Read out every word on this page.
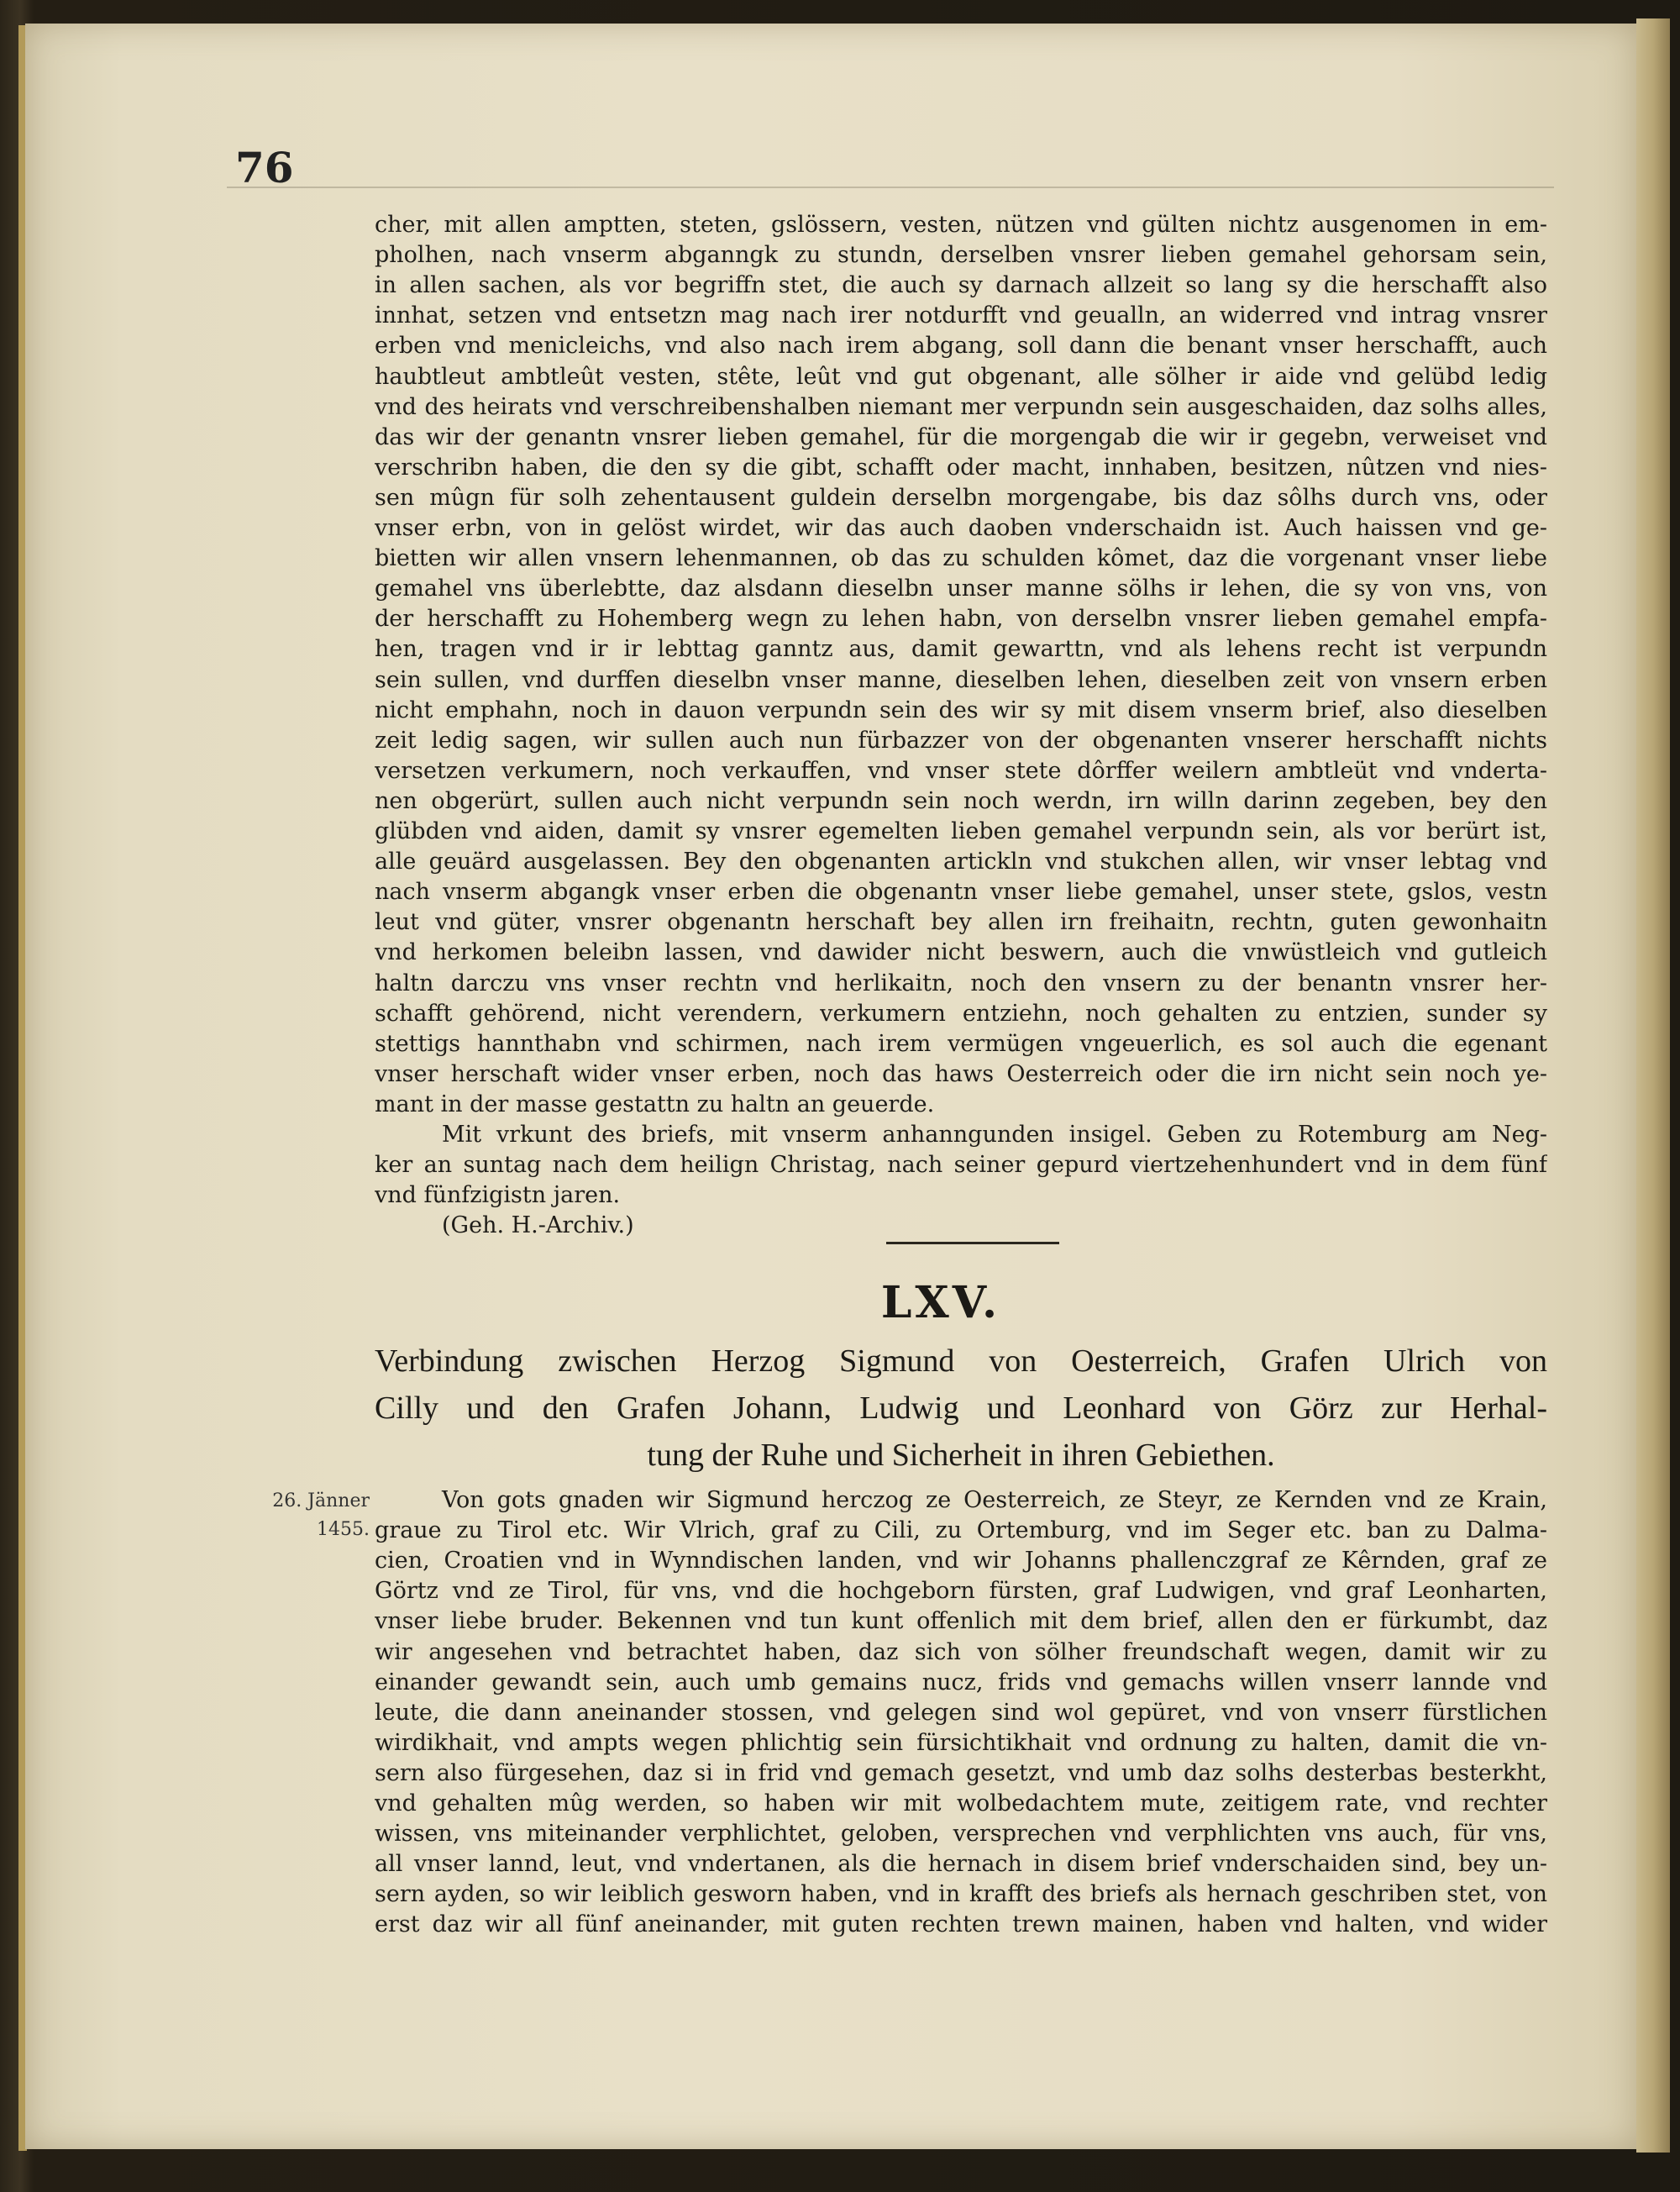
76
LXV.
26. Jänner
1455.
cher, mit allen amptten, steten, gslössern, vesten, nützen vnd gülten nichtz ausgenomen in em-
pholhen, nach vnserm abganngk zu stundn, derselben vnsrer lieben gemahel gehorsam sein,
in allen sachen, als vor begriffn stet, die auch sy darnach allzeit so lang sy die herschafft also
innhat, setzen vnd entsetzn mag nach irer notdurfft vnd geualln, an widerred vnd intrag vnsrer
erben vnd menicleichs, vnd also nach irem abgang, soll dann die benant vnser herschafft, auch
haubtleut ambtleût vesten, stête, leût vnd gut obgenant, alle sölher ir aide vnd gelübd ledig
vnd des heirats vnd verschreibenshalben niemant mer verpundn sein ausgeschaiden, daz solhs alles,
das wir der genantn vnsrer lieben gemahel, für die morgengab die wir ir gegebn, verweiset vnd
verschribn haben, die den sy die gibt, schafft oder macht, innhaben, besitzen, nûtzen vnd nies-
sen mûgn für solh zehentausent guldein derselbn morgengabe, bis daz sôlhs durch vns, oder
vnser erbn, von in gelöst wirdet, wir das auch daoben vnderschaidn ist. Auch haissen vnd ge-
bietten wir allen vnsern lehenmannen, ob das zu schulden kômet, daz die vorgenant vnser liebe
gemahel vns überlebtte, daz alsdann dieselbn unser manne sölhs ir lehen, die sy von vns, von
der herschafft zu Hohemberg wegn zu lehen habn, von derselbn vnsrer lieben gemahel empfa-
hen, tragen vnd ir ir lebttag ganntz aus, damit gewarttn, vnd als lehens recht ist verpundn
sein sullen, vnd durffen dieselbn vnser manne, dieselben lehen, dieselben zeit von vnsern erben
nicht emphahn, noch in dauon verpundn sein des wir sy mit disem vnserm brief, also dieselben
zeit ledig sagen, wir sullen auch nun fürbazzer von der obgenanten vnserer herschafft nichts
versetzen verkumern, noch verkauffen, vnd vnser stete dôrffer weilern ambtleüt vnd vnderta-
nen obgerürt, sullen auch nicht verpundn sein noch werdn, irn willn darinn zegeben, bey den
glübden vnd aiden, damit sy vnsrer egemelten lieben gemahel verpundn sein, als vor berürt ist,
alle geuärd ausgelassen. Bey den obgenanten artickln vnd stukchen allen, wir vnser lebtag vnd
nach vnserm abgangk vnser erben die obgenantn vnser liebe gemahel, unser stete, gslos, vestn
leut vnd güter, vnsrer obgenantn herschaft bey allen irn freihaitn, rechtn, guten gewonhaitn
vnd herkomen beleibn lassen, vnd dawider nicht beswern, auch die vnwüstleich vnd gutleich
haltn darczu vns vnser rechtn vnd herlikaitn, noch den vnsern zu der benantn vnsrer her-
schafft gehörend, nicht verendern, verkumern entziehn, noch gehalten zu entzien, sunder sy
stettigs hannthabn vnd schirmen, nach irem vermügen vngeuerlich, es sol auch die egenant
vnser herschaft wider vnser erben, noch das haws Oesterreich oder die irn nicht sein noch ye-
mant in der masse gestattn zu haltn an geuerde.
Mit vrkunt des briefs, mit vnserm anhanngunden insigel. Geben zu Rotemburg am Neg-
ker an suntag nach dem heilign Christag, nach seiner gepurd viertzehenhundert vnd in dem fünf
vnd fünfzigistn jaren.
(Geh. H.-Archiv.)
Verbindung zwischen Herzog Sigmund von Oesterreich, Grafen Ulrich von
Cilly und den Grafen Johann, Ludwig und Leonhard von Görz zur Herhal-
tung der Ruhe und Sicherheit in ihren Gebiethen.
Von gots gnaden wir Sigmund herczog ze Oesterreich, ze Steyr, ze Kernden vnd ze Krain,
graue zu Tirol etc. Wir Vlrich, graf zu Cili, zu Ortemburg, vnd im Seger etc. ban zu Dalma-
cien, Croatien vnd in Wynndischen landen, vnd wir Johanns phallenczgraf ze Kêrnden, graf ze
Görtz vnd ze Tirol, für vns, vnd die hochgeborn fürsten, graf Ludwigen, vnd graf Leonharten,
vnser liebe bruder. Bekennen vnd tun kunt offenlich mit dem brief, allen den er fürkumbt, daz
wir angesehen vnd betrachtet haben, daz sich von sölher freundschaft wegen, damit wir zu
einander gewandt sein, auch umb gemains nucz, frids vnd gemachs willen vnserr lannde vnd
leute, die dann aneinander stossen, vnd gelegen sind wol gepüret, vnd von vnserr fürstlichen
wirdikhait, vnd ampts wegen phlichtig sein fürsichtikhait vnd ordnung zu halten, damit die vn-
sern also fürgesehen, daz si in frid vnd gemach gesetzt, vnd umb daz solhs desterbas besterkht,
vnd gehalten mûg werden, so haben wir mit wolbedachtem mute, zeitigem rate, vnd rechter
wissen, vns miteinander verphlichtet, geloben, versprechen vnd verphlichten vns auch, für vns,
all vnser lannd, leut, vnd vndertanen, als die hernach in disem brief vnderschaiden sind, bey un-
sern ayden, so wir leiblich gesworn haben, vnd in krafft des briefs als hernach geschriben stet, von
erst daz wir all fünf aneinander, mit guten rechten trewn mainen, haben vnd halten, vnd wider
